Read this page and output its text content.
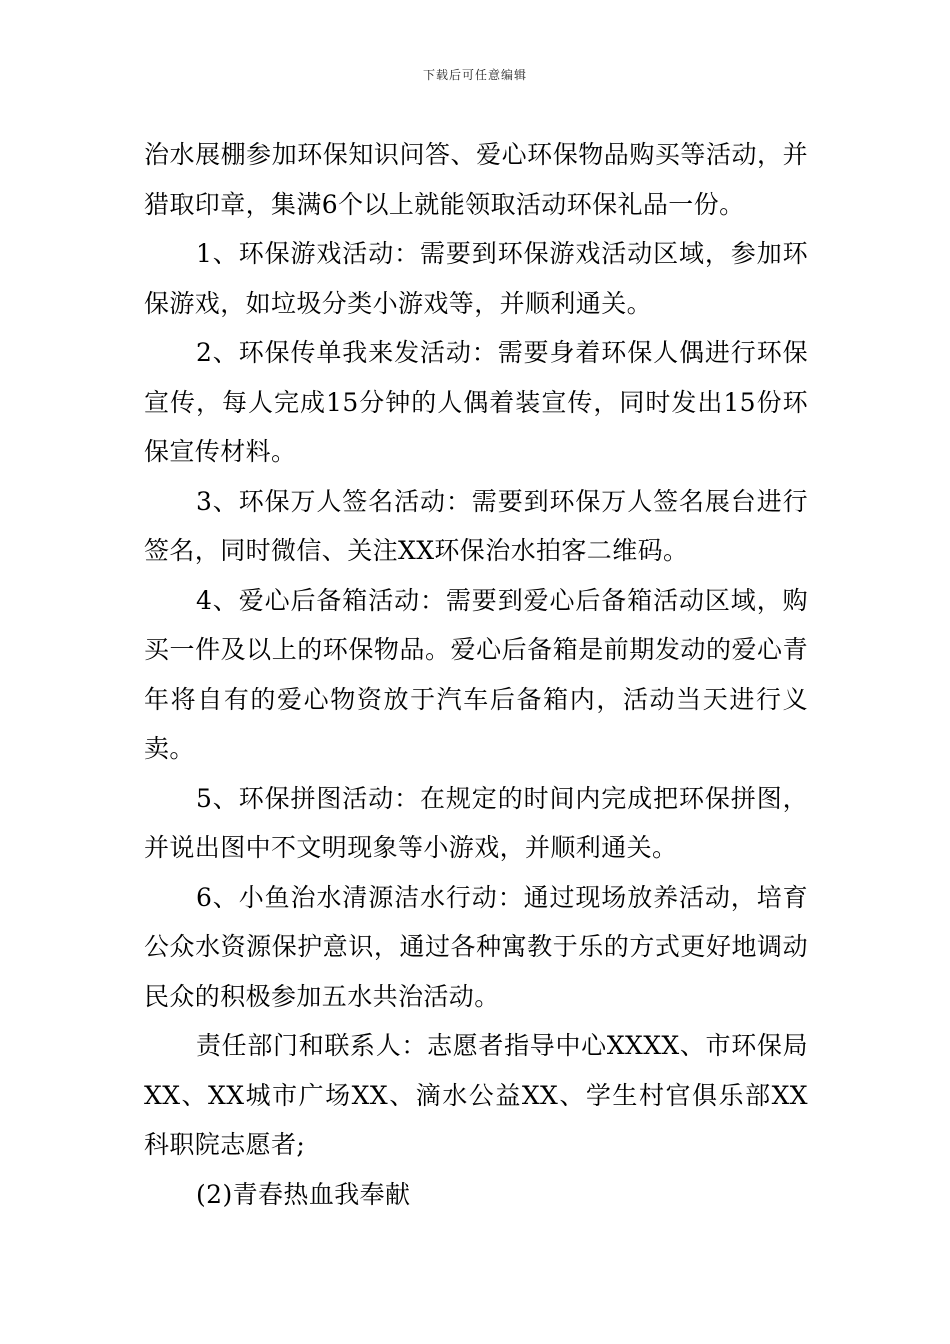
下载后可任意编辑

治水展棚参加环保知识问答、爱心环保物品购买等活动，并猎取印章，集满6个以上就能领取活动环保礼品一份。

1、环保游戏活动：需要到环保游戏活动区域，参加环保游戏，如垃圾分类小游戏等，并顺利通关。

2、环保传单我来发活动：需要身着环保人偶进行环保宣传，每人完成15分钟的人偶着装宣传，同时发出15份环保宣传材料。

3、环保万人签名活动：需要到环保万人签名展台进行签名，同时微信、关注XX环保治水拍客二维码。

4、爱心后备箱活动：需要到爱心后备箱活动区域，购买一件及以上的环保物品。爱心后备箱是前期发动的爱心青年将自有的爱心物资放于汽车后备箱内，活动当天进行义卖。

5、环保拼图活动：在规定的时间内完成把环保拼图，并说出图中不文明现象等小游戏，并顺利通关。

6、小鱼治水清源洁水行动：通过现场放养活动，培育公众水资源保护意识，通过各种寓教于乐的方式更好地调动民众的积极参加五水共治活动。

责任部门和联系人：志愿者指导中心XXXX、市环保局XX、XX城市广场XX、滴水公益XX、学生村官俱乐部XX 科职院志愿者;

(2)青春热血我奉献
